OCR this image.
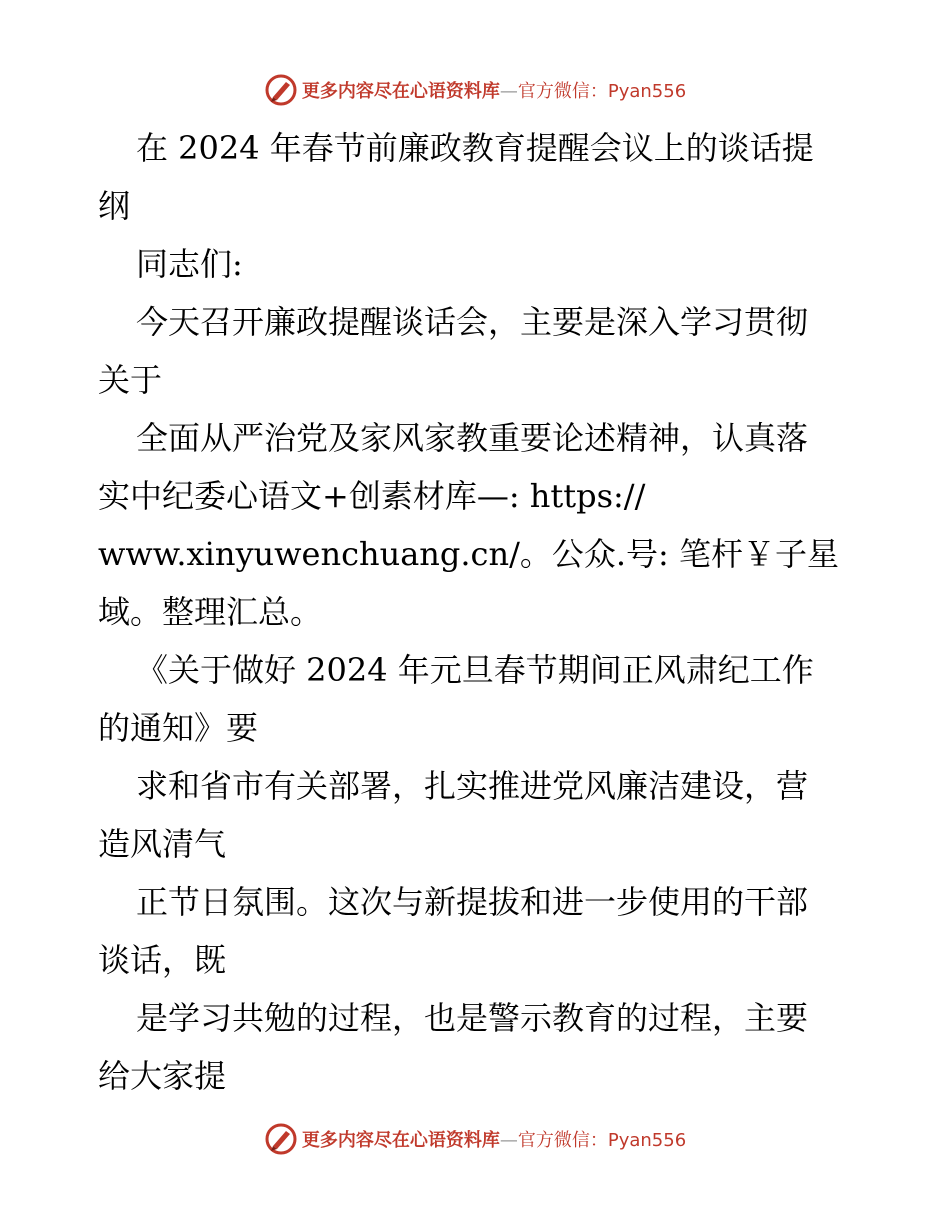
更多内容尽在心语资料库—官方微信：Pyan556
在 2024 年春节前廉政教育提醒会议上的谈话提
纲
同志们:
今天召开廉政提醒谈话会，主要是深入学习贯彻
关于
全面从严治党及家风家教重要论述精神，认真落
实中纪委心语文+创素材库—: https://
www.xinyuwenchuang.cn/。公众.号: 笔杆￥子星
域。整理汇总。
《关于做好 2024 年元旦春节期间正风肃纪工作
的通知》要
求和省市有关部署，扎实推进党风廉洁建设，营
造风清气
正节日氛围。这次与新提拔和进一步使用的干部
谈话，既
是学习共勉的过程，也是警示教育的过程，主要
给大家提
更多内容尽在心语资料库—官方微信：Pyan556
